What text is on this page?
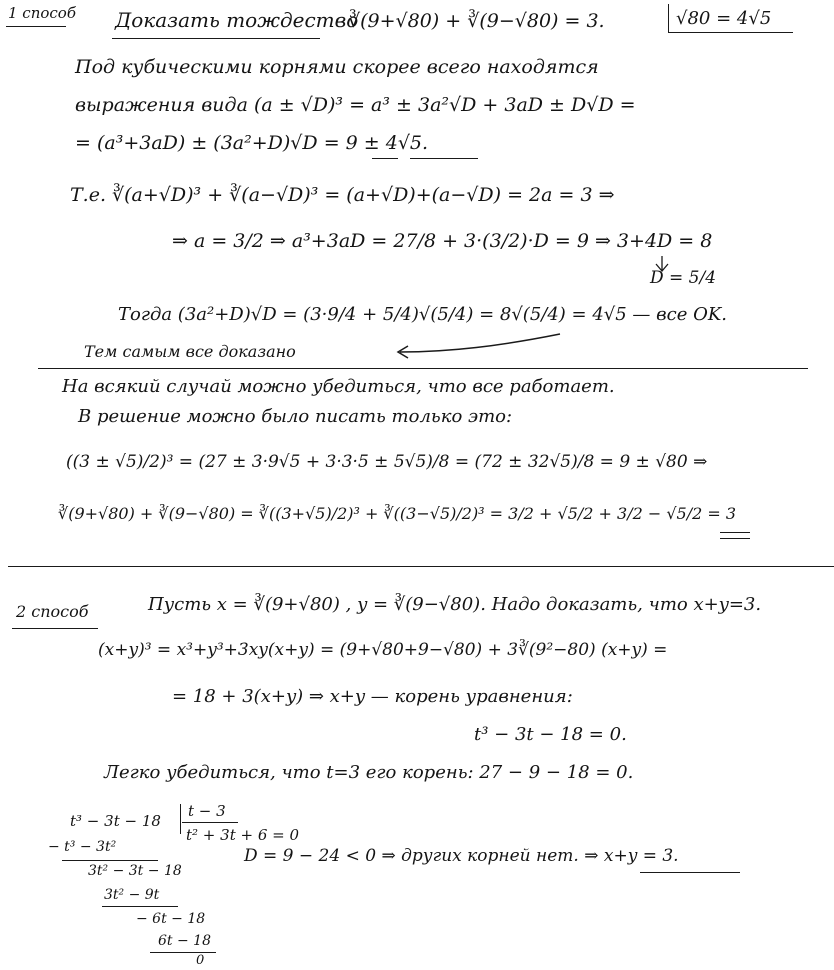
1 способ Доказать тождество
∛(9+√80) + ∛(9−√80) = 3.	√80 = 4√5
Под кубическими корнями скорее всего находятся
выражения вида (a ± √D)³ = a³ ± 3a²√D + 3aD ± D√D =
= (a³+3aD) ± (3a²+D)√D = 9 ± 4√5.
Т.е. ∛(a+√D)³ + ∛(a−√D)³ = (a+√D)+(a−√D) = 2a = 3 ⇒
⇒ a = 3/2 ⇒ a³+3aD = 27/8 + 3·(3/2)·D = 9 ⇒ 3+4D = 8
D = 5/4
Тогда (3a²+D)√D = (3·9/4 + 5/4)√(5/4) = 8√(5/4) = 4√5 — все OK.
Тем самым все доказано
На всякий случай можно убедиться, что все работает.
В решение можно было писать только это:
((3 ± √5)/2)³ = (27 ± 3·9√5 + 3·3·5 ± 5√5)/8 = (72 ± 32√5)/8 = 9 ± √80 ⇒
∛(9+√80) + ∛(9−√80) = ∛((3+√5)/2)³ + ∛((3−√5)/2)³ = 3/2 + √5/2 + 3/2 − √5/2 = 3
2 способ	Пусть x = ∛(9+√80) , y = ∛(9−√80). Надо доказать, что x+y=3.
(x+y)³ = x³+y³+3xy(x+y) = (9+√80+9−√80) + 3∛(9²−80) (x+y) =
= 18 + 3(x+y) ⇒ x+y — корень уравнения:
t³ − 3t − 18 = 0.
Легко убедиться, что t=3 его корень: 27 − 9 − 18 = 0.
t³ − 3t − 18
t − 3
t² + 3t + 6 = 0
− t³ − 3t²
3t² − 3t − 18
3t² − 9t
− 6t − 18
6t − 18
0
D = 9 − 24 < 0 ⇒ других корней нет. ⇒ x+y = 3.
